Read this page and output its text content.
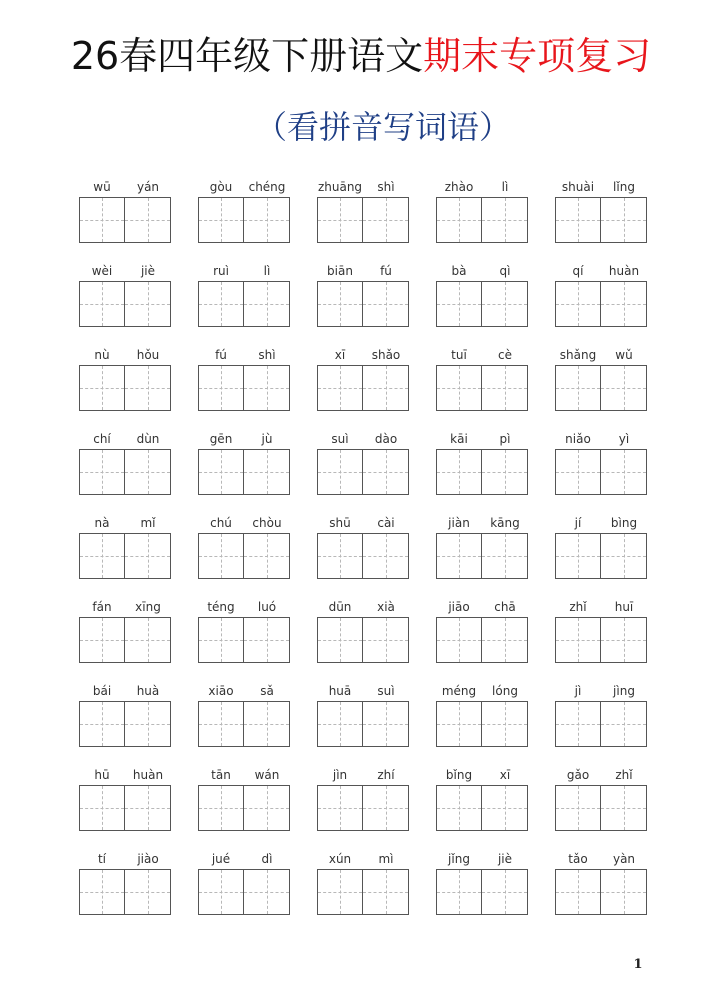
26春四年级下册语文期末专项复习
（看拼音写词语）
wū	yán	gòu	chéng	zhuāng	shì	zhào	lì	shuài	lǐng
wèi	jiè	ruì	lì	biān	fú	bà	qì	qí	huàn
nù	hǒu	fú	shì	xī	shǎo	tuī	cè	shǎng	wǔ
chí	dùn	gēn	jù	suì	dào	kāi	pì	niǎo	yì
nà	mǐ	chú	chòu	shū	cài	jiàn	kāng	jí	bìng
fán	xīng	téng	luó	dūn	xià	jiāo	chā	zhǐ	huī
bái	huà	xiāo	sǎ	huā	suì	méng	lóng	jì	jìng
hū	huàn	tān	wán	jìn	zhí	bǐng	xī	gǎo	zhǐ
tí	jiào	jué	dì	xún	mì	jǐng	jiè	tǎo	yàn
1
